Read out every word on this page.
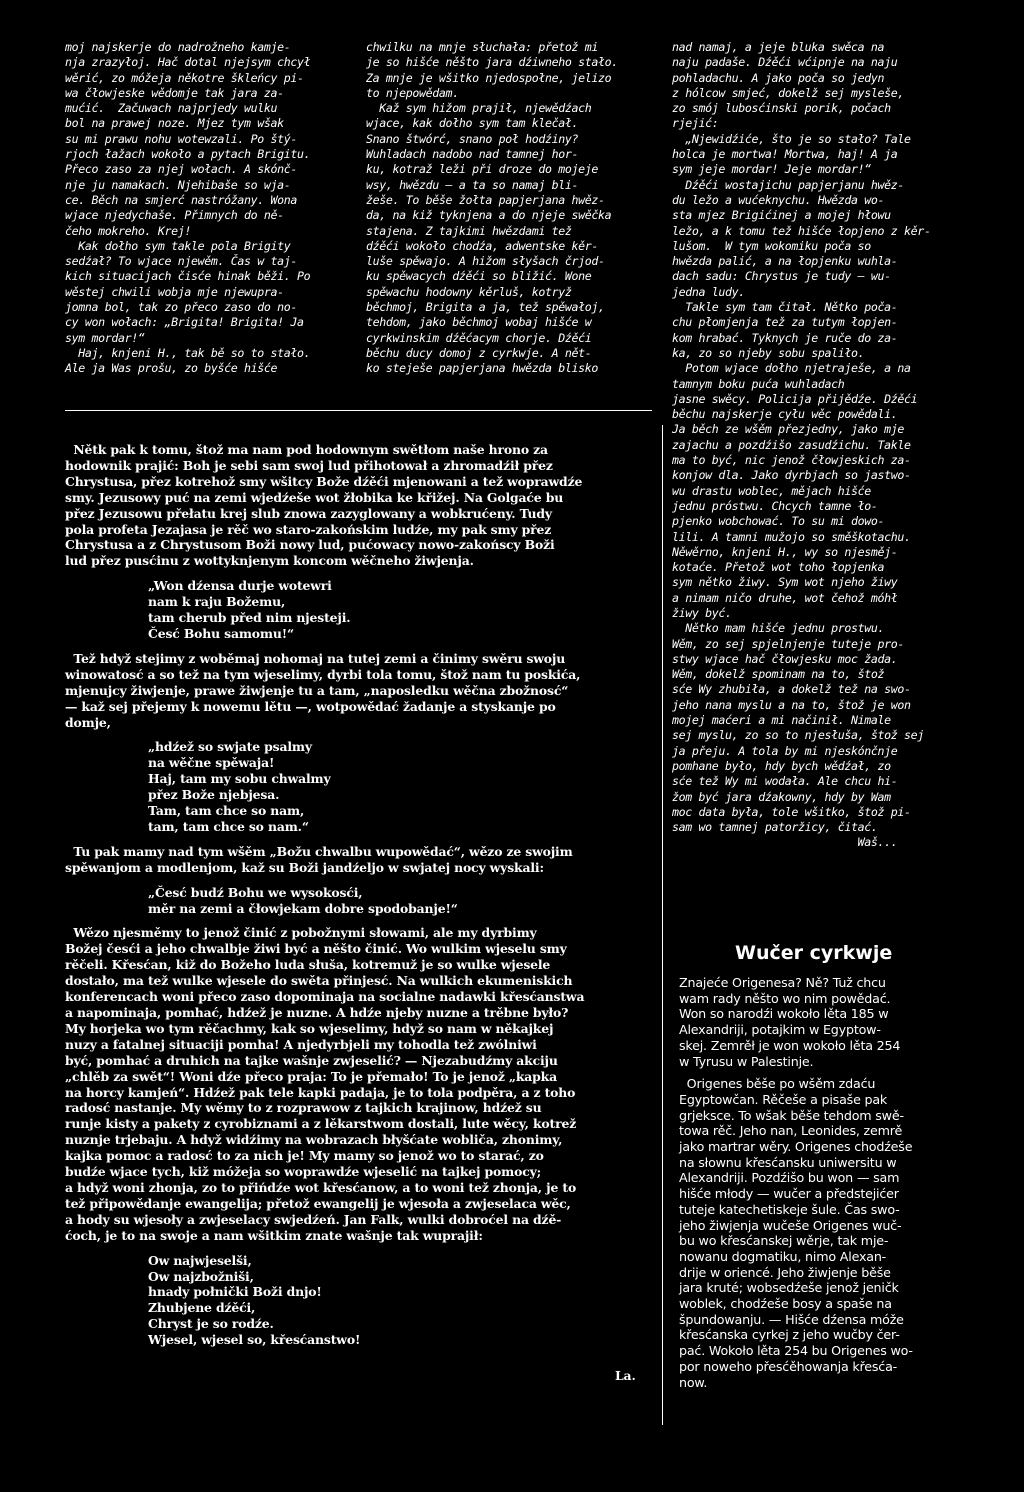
moj najskerje do nadrožneho kamje-

nja zrazyłoj. Hač dotal njejsym chcył

wěrić, zo móžeja někotre škleńcy pi-

wa čłowjeske wědomje tak jara za-

mućić.  Začuwach najprjedy wulku

bol na prawej noze. Mjez tym wšak

su mi prawu nohu wotewzali. Po štý-

rjoch łažach wokoło a pytach Brigitu.

Přeco zaso za njej wołach. A skónč-

nje ju namakach. Njehibaše so wja-

ce. Běch na smjerć nastróžany. Wona

wjace njedychaše. Přimnych do ně-

čeho mokreho. Krej!

Kak dołho sym takle pola Brigity

sedźał? To wjace njewěm. Čas w taj-

kich situacijach čisće hinak běži. Po

wěstej chwili wobja mje njewupra-

jomna bol, tak zo přeco zaso do no-

cy won wołach: „Brigita! Brigita! Ja

sym mordar!“

Haj, knjeni H., tak bě so to stało.

Ale ja Was prošu, zo byšće hišće

chwilku na mnje słuchała: přetož mi

je so hišće něšto jara dźiwneho stało.

Za mnje je wšitko njedospołne, jelizo

to njepowědam.

Kaž sym hižom prajił, njewědźach

wjace, kak dołho sym tam klečał.

Snano štwórć, snano poł hodźiny?

Wuhladach nadobo nad tamnej hor-

ku, kotraž leži při droze do mojeje

wsy, hwězdu — a ta so namaj bli-

žeše. To běše žołta papjerjana hwěz-

da, na kiž tyknjena a do njeje swěčka

stajena. Z tajkimi hwězdami tež

dźěći wokoło chodźa, adwentske kěr-

luše spěwajo. A hižom słyšach črjod-

ku spěwacych dźěći so bližić. Wone

spěwachu hodowny kěrluš, kotryž

běchmoj, Brigita a ja, tež spěwałoj,

tehdom, jako běchmoj wobaj hišće w

cyrkwinskim dźěćacym chorje. Dźěći

běchu ducy domoj z cyrkwje. A nět-

ko steješe papjerjana hwězda blisko

nad namaj, a jeje bluka swěca na

naju padaše. Dźěći wćipnje na naju

pohladachu. A jako poča so jedyn

z hólcow smjeć, dokelž sej mysleše,

zo smój lubosćinski porik, počach

rjejić:

„Njewidźiće, što je so stało? Tale

holca je mortwa! Mortwa, haj! A ja

sym jeje mordar! Jeje mordar!“

Dźěći wostajichu papjerjanu hwěz-

du ležo a wućeknychu. Hwězda wo-

sta mjez Brigićinej a mojej hłowu

ležo, a k tomu tež hišće łopjeno z kěr-

lušom.  W tym wokomiku poča so

hwězda palić, a na łopjenku wuhla-

dach sadu: Chrystus je tudy — wu-

jedna ludy.

Takle sym tam čitał. Nětko poča-

chu płomjenja tež za tutym łopjen-

kom hrabać. Tyknych je ruče do za-

ka, zo so njeby sobu spaliło.

Potom wjace dołho njetraješe, a na

tamnym boku puća wuhladach

jasne swěcy. Policija přijědźe. Dźěći

běchu najskerje cyłu wěc powědali.

Ja běch ze wšěm přezjedny, jako mje

zajachu a pozdźišo zasudźichu. Takle

ma to być, nic jenož čłowjeskich za-

konjow dla. Jako dyrbjach so jastwo-

wu drastu woblec, mějach hišće

jednu próstwu. Chcych tamne ło-

pjenko wobchować. To su mi dowo-

lili. A tamni mužojo so směškotachu.

Něwěrno, knjeni H., wy so njesměj-

kotaće. Přetož wot toho łopjenka

sym nětko žiwy. Sym wot njeho žiwy

a nimam ničo druhe, wot čehož móhł

žiwy być.

Nětko mam hišće jednu prostwu.

Wěm, zo sej spjelnjenje tuteje pro-

stwy wjace hač čłowjesku moc žada.

Wěm, dokelž spominam na to, štož

sće Wy zhubiła, a dokelž tež na swo-

jeho nana myslu a na to, štož je won

mojej maćeri a mi načinił. Nimale

sej myslu, zo so to njesłuša, štož sej

ja přeju. A tola by mi njeskónčnje

pomhane było, hdy bych wědźał, zo

sće tež Wy mi wodała. Ale chcu hi-

žom być jara dźakowny, hdy by Wam

moc data była, tole wšitko, štož pi-

sam wo tamnej patoržicy, čitać.

Waš...

Nětk pak k tomu, štož ma nam pod hodownym swětłom naše hrono za

hodownik prajić: Boh je sebi sam swoj lud přihotował a zhromadźił přez

Chrystusa, přez kotrehož smy wšitcy Bože dźěći mjenowani a tež woprawdźe

smy. Jezusowy puć na zemi wjedźeše wot žłobika ke křižej. Na Golgaće bu

přez Jezusowu přełatu krej slub znowa zazyglowany a wobkrućeny. Tudy

pola profeta Jezajasa je rěč wo staro-zakońskim ludźe, my pak smy přez

Chrystusa a z Chrystusom Boži nowy lud, pućowacy nowo-zakońscy Boži

lud přez pusćinu z wottyknjenym koncom wěčneho žiwjenja.

„Won dźensa durje wotewri

nam k raju Božemu,

tam cherub před nim njesteji.

Česć Bohu samomu!“

Tež hdyž stejimy z woběmaj nohomaj na tutej zemi a činimy swěru swoju

winowatosć a so tež na tym wjeselimy, dyrbi tola tomu, štož nam tu poskića,

mjenujcy žiwjenje, prawe žiwjenje tu a tam, „naposledku wěčna zbožnosć“

— kaž sej přejemy k nowemu lětu —, wotpowědać žadanje a styskanje po

domje,

„hdźež so swjate psalmy

na wěčne spěwaja!

Haj, tam my sobu chwalmy

přez Bože njebjesa.

Tam, tam chce so nam,

tam, tam chce so nam.“

Tu pak mamy nad tym wšěm „Božu chwalbu wupowědać“, wězo ze swojim

spěwanjom a modlenjom, kaž su Boži jandźeljo w swjatej nocy wyskali:

„Česć budź Bohu we wysokosći,

měr na zemi a čłowjekam dobre spodobanje!“

Wězo njesměmy to jenož činić z pobožnymi słowami, ale my dyrbimy

Božej česći a jeho chwalbje žiwi być a něšto činić. Wo wulkim wjeselu smy

rěčeli. Křesćan, kiž do Božeho luda słuša, kotremuž je so wulke wjesele

dostało, ma tež wulke wjesele do swěta přinjesć. Na wulkich ekumeniskich

konferencach woni přeco zaso dopominaja na socialne nadawki křesćanstwa

a napominaja, pomhać, hdźež je nuzne. A hdźe njeby nuzne a trěbne było?

My horjeka wo tym rěčachmy, kak so wjeselimy, hdyž so nam w někajkej

nuzy a fatalnej situaciji pomha! A njedyrbjeli my tohodla tež zwólniwi

być, pomhać a druhich na tajke wašnje zwjeselić? — Njezabudźmy akciju

„chlěb za swět“! Woni dźe přeco praja: To je přemało! To je jenož „kapka

na horcy kamjeń“. Hdźež pak tele kapki padaja, je to tola podpěra, a z toho

radosć nastanje. My wěmy to z rozprawow z tajkich krajinow, hdźež su

runje kisty a pakety z cyrobiznami a z lěkarstwom dostali, lute wěcy, kotrež

nuznje trjebaju. A hdyž widźimy na wobrazach błyšćate wobliča, zhonimy,

kajka pomoc a radosć to za nich je! My mamy so jenož wo to starać, zo

budźe wjace tych, kiž móžeja so woprawdźe wjeselić na tajkej pomocy;

a hdyž woni zhonja, zo to přińdźe wot křesćanow, a to woni tež zhonja, je to

tež připowědanje ewangelija; přetož ewangelij je wjesoła a zwjeselaca wěc,

a hody su wjesoły a zwjeselacy swjedźeń. Jan Falk, wulki dobroćel na dźě-

ćoch, je to na swoje a nam wšitkim znate wašnje tak wuprajił:

Ow najwjeselši,

Ow najzbožniši,

hnady połnički Boži dnjo!

Zhubjene dźěći,

Chryst je so rodźe.

Wjesel, wjesel so, křesćanstwo!

La.
Wučer cyrkwje

Znajeće Origenesa? Ně? Tuž chcu

wam rady něšto wo nim powědać.

Won so narodźi wokoło lěta 185 w

Alexandriji, potajkim w Egyptow-

skej. Zemrěł je won wokoło lěta 254

w Tyrusu w Palestinje.

Origenes běše po wšěm zdaću

Egyptowčan. Rěčeše a pisaše pak

grjeksce. To wšak běše tehdom swě-

towa rěč. Jeho nan, Leonides, zemrě

jako martrar wěry. Origenes chodźeše

na słownu křesćansku uniwersitu w

Alexandriji. Pozdźišo bu won — sam

hišće młody — wučer a předstejićer

tuteje katechetiskeje šule. Čas swo-

jeho žiwjenja wučeše Origenes wuč-

bu wo křesćanskej wěrje, tak mje-

nowanu dogmatiku, nimo Alexan-

drije w oriencé. Jeho žiwjenje běše

jara kruté; wobsedźeše jenož jeničk

woblek, chodźeše bosy a spaše na

špundowanju. — Hišće dźensa móže

křesćanska cyrkej z jeho wučby čer-

pać. Wokoło lěta 254 bu Origenes wo-

por noweho přesćěhowanja křesća-

now.
